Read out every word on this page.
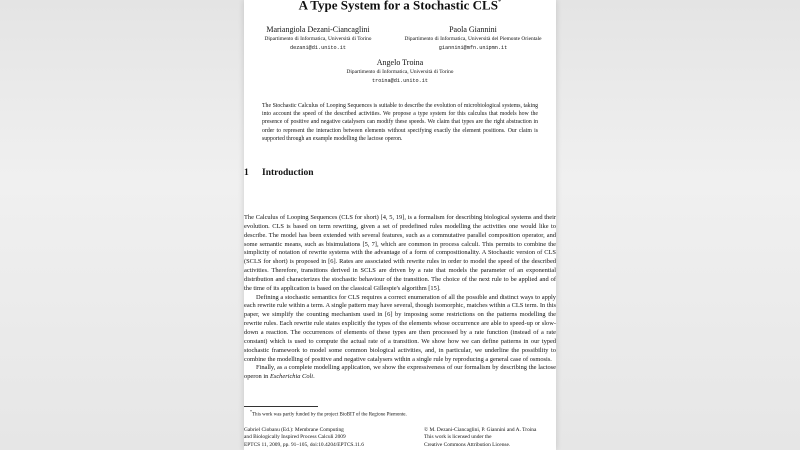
A Type System for a Stochastic CLS*
Mariangiola Dezani-Ciancaglini
Dipartimento di Informatica, Università di Torino
dezani@di.unito.it
Paola Giannini
Dipartimento di Informatica, Università del Piemonte Orientale
giannini@mfn.unipmn.it
Angelo Troina
Dipartimento di Informatica, Università di Torino
troina@di.unito.it
The Stochastic Calculus of Looping Sequences is suitable to describe the evolution of microbiological systems, taking into account the speed of the described activities. We propose a type system for this calculus that models how the presence of positive and negative catalysers can modify these speeds. We claim that types are the right abstraction in order to represent the interaction between elements without specifying exactly the element positions. Our claim is supported through an example modelling the lactose operon.
1 Introduction

The Calculus of Looping Sequences (CLS for short) [4, 5, 19], is a formalism for describing biological systems and their evolution. CLS is based on term rewriting, given a set of predefined rules modelling the activities one would like to describe. The model has been extended with several features, such as a commutative parallel composition operator, and some semantic means, such as bisimulations [5, 7], which are common in process calculi. This permits to combine the simplicity of notation of rewrite systems with the advantage of a form of compositionality. A Stochastic version of CLS (SCLS for short) is proposed in [6]. Rates are associated with rewrite rules in order to model the speed of the described activities. Therefore, transitions derived in SCLS are driven by a rate that models the parameter of an exponential distribution and characterizes the stochastic behaviour of the transition. The choice of the next rule to be applied and of the time of its application is based on the classical Gillespie's algorithm [15].

Defining a stochastic semantics for CLS requires a correct enumeration of all the possible and distinct ways to apply each rewrite rule within a term. A single pattern may have several, though isomorphic, matches within a CLS term. In this paper, we simplify the counting mechanism used in [6] by imposing some restrictions on the patterns modelling the rewrite rules. Each rewrite rule states explicitly the types of the elements whose occurrence are able to speed-up or slow-down a reaction. The occurrences of elements of these types are then processed by a rate function (instead of a rate constant) which is used to compute the actual rate of a transition. We show how we can define patterns in our typed stochastic framework to model some common biological activities, and, in particular, we underline the possibility to combine the modelling of positive and negative catalysers within a single rule by reproducing a general case of osmosis.

Finally, as a complete modelling application, we show the expressiveness of our formalism by describing the lactose operon in Escherichia Coli.

*This work was partly funded by the project BioBIT of the Regione Piemonte.
Gabriel Ciobanu (Ed.): Membrane Computing
and Biologically Inspired Process Calculi 2009
EPTCS 11, 2009, pp. 91–105, doi:10.4204/EPTCS.11.6
© M. Dezani-Ciancaglini, P. Giannini and A. Troina
This work is licensed under the
Creative Commons Attribution License.
